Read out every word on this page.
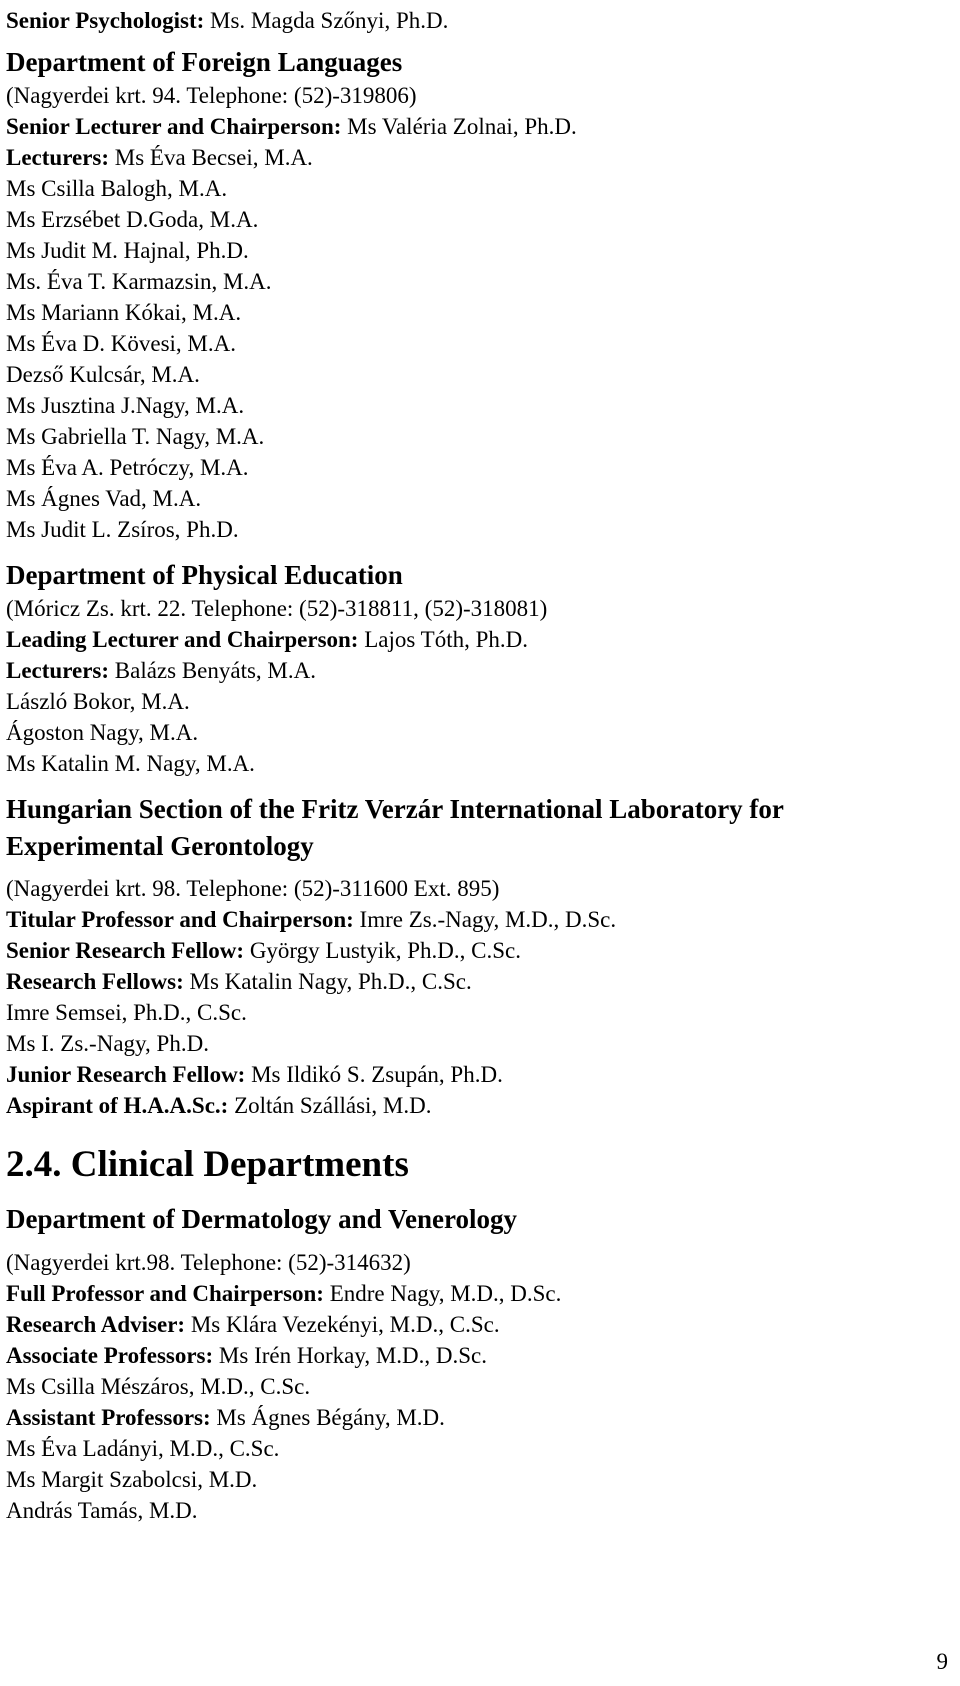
Senior Psychologist: Ms. Magda Szőnyi, Ph.D.
Department of Foreign Languages
(Nagyerdei krt. 94. Telephone: (52)-319806)
Senior Lecturer and Chairperson: Ms Valéria Zolnai, Ph.D.
Lecturers: Ms Éva Becsei, M.A.
Ms Csilla Balogh, M.A.
Ms Erzsébet D.Goda, M.A.
Ms Judit M. Hajnal, Ph.D.
Ms. Éva T. Karmazsin, M.A.
Ms Mariann Kókai, M.A.
Ms Éva D. Kövesi, M.A.
Dezső Kulcsár, M.A.
Ms Jusztina J.Nagy, M.A.
Ms Gabriella T. Nagy, M.A.
Ms Éva A. Petróczy, M.A.
Ms Ágnes Vad, M.A.
Ms Judit L. Zsíros, Ph.D.
Department of Physical Education
(Móricz Zs. krt. 22. Telephone: (52)-318811, (52)-318081)
Leading Lecturer and Chairperson: Lajos Tóth, Ph.D.
Lecturers: Balázs Benyáts, M.A.
László Bokor, M.A.
Ágoston Nagy, M.A.
Ms Katalin M. Nagy, M.A.
Hungarian Section of the Fritz Verzár International Laboratory for Experimental Gerontology
(Nagyerdei krt. 98. Telephone: (52)-311600 Ext. 895)
Titular Professor and Chairperson: Imre Zs.-Nagy, M.D., D.Sc.
Senior Research Fellow: György Lustyik, Ph.D., C.Sc.
Research Fellows: Ms Katalin Nagy, Ph.D., C.Sc.
Imre Semsei, Ph.D., C.Sc.
Ms I. Zs.-Nagy, Ph.D.
Junior Research Fellow: Ms Ildikó S. Zsupán, Ph.D.
Aspirant of H.A.A.Sc.: Zoltán Szállási, M.D.
2.4. Clinical Departments
Department of Dermatology and Venerology
(Nagyerdei krt.98. Telephone: (52)-314632)
Full Professor and Chairperson: Endre Nagy, M.D., D.Sc.
Research Adviser: Ms Klára Vezekényi, M.D., C.Sc.
Associate Professors: Ms Irén Horkay, M.D., D.Sc.
Ms Csilla Mészáros, M.D., C.Sc.
Assistant Professors: Ms Ágnes Bégány, M.D.
Ms Éva Ladányi, M.D., C.Sc.
Ms Margit Szabolcsi, M.D.
András Tamás, M.D.
9
